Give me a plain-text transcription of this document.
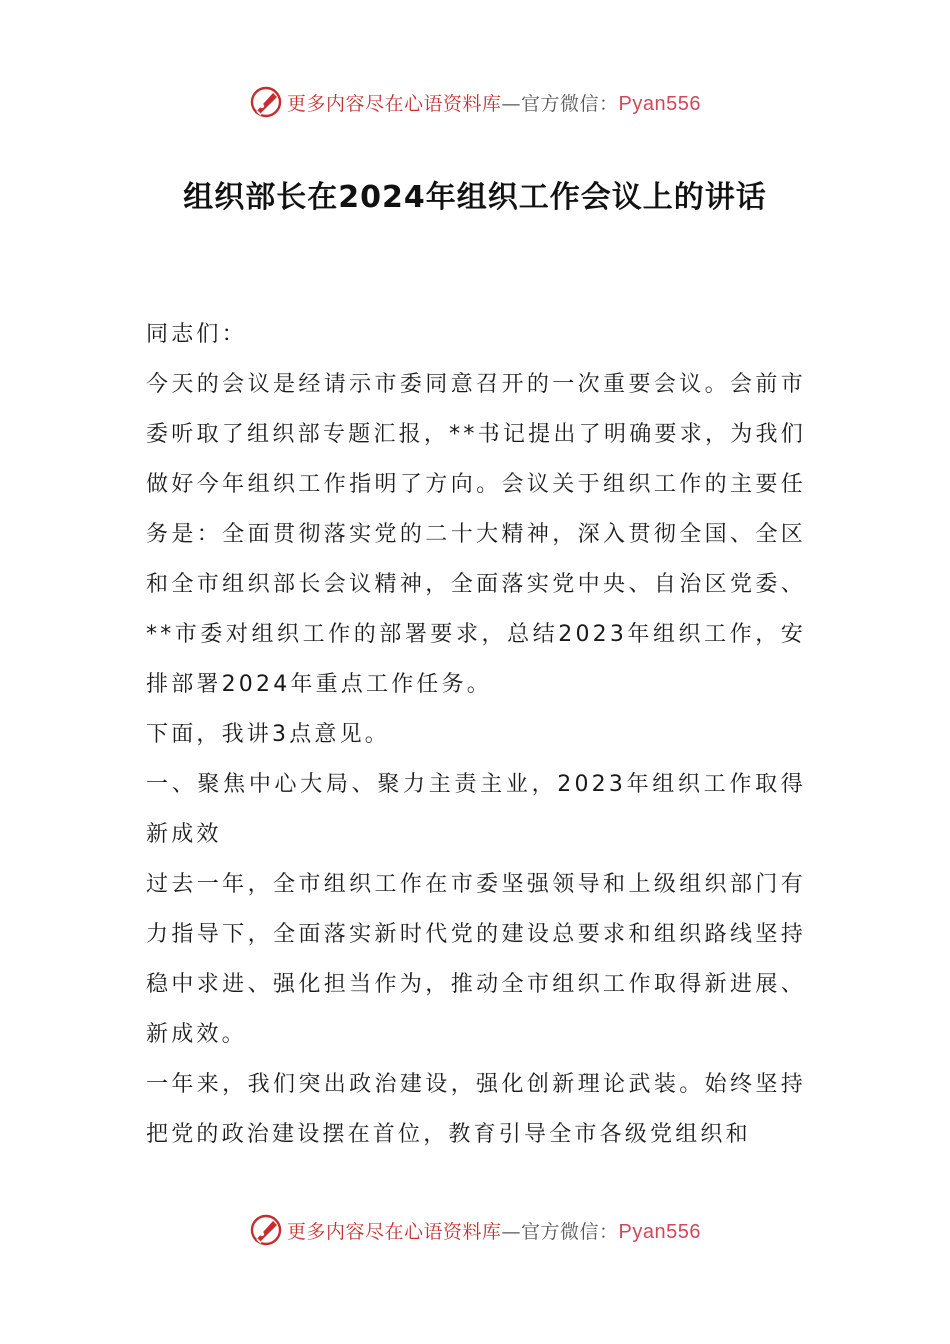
更多内容尽在心语资料库—官方微信：Pyan556
组织部长在2024年组织工作会议上的讲话

同志们：

今天的会议是经请示市委同意召开的一次重要会议。会前市委听取了组织部专题汇报，**书记提出了明确要求，为我们做好今年组织工作指明了方向。会议关于组织工作的主要任务是：全面贯彻落实党的二十大精神，深入贯彻全国、全区和全市组织部长会议精神，全面落实党中央、自治区党委、**市委对组织工作的部署要求，总结2023年组织工作，安排部署2024年重点工作任务。

下面，我讲3点意见。

一、聚焦中心大局、聚力主责主业，2023年组织工作取得新成效

过去一年，全市组织工作在市委坚强领导和上级组织部门有力指导下，全面落实新时代党的建设总要求和组织路线坚持稳中求进、强化担当作为，推动全市组织工作取得新进展、新成效。

一年来，我们突出政治建设，强化创新理论武装。始终坚持把党的政治建设摆在首位，教育引导全市各级党组织和

更多内容尽在心语资料库—官方微信：Pyan556
